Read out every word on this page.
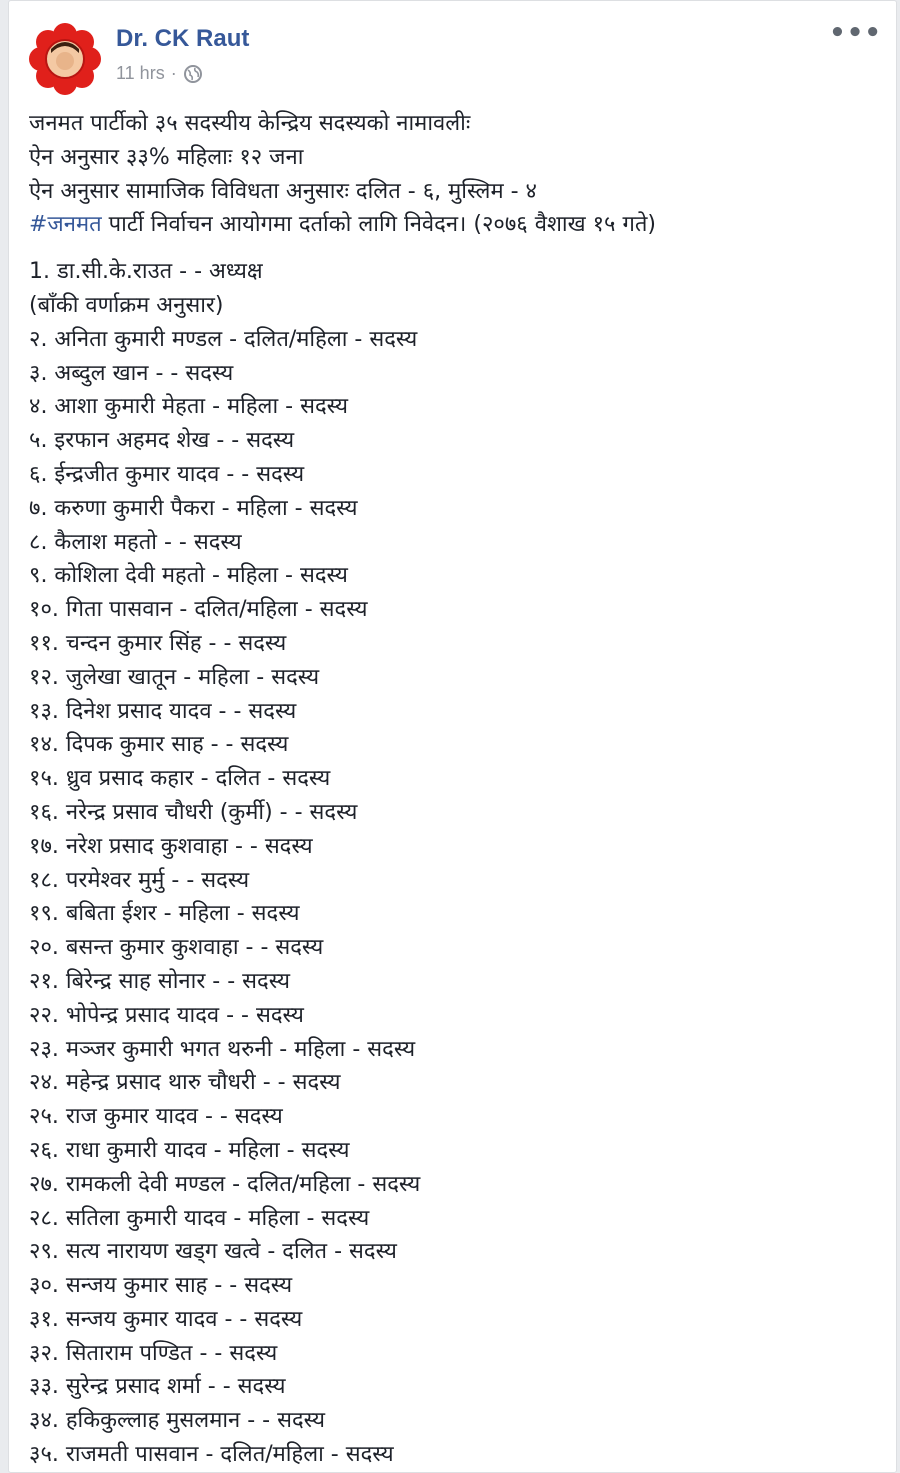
Dr. CK Raut
11 hrs ·
•••
जनमत पार्टीको ३५ सदस्यीय केन्द्रिय सदस्यको नामावलीः
ऐन अनुसार ३३% महिलाः १२ जना
ऐन अनुसार सामाजिक विविधता अनुसारः दलित - ६, मुस्लिम - ४
#जनमत पार्टी निर्वाचन आयोगमा दर्ताको लागि निवेदन। (२०७६ वैशाख १५ गते)
1. डा.सी.के.राउत - - अध्यक्ष
(बाँकी वर्णाक्रम अनुसार)
२. अनिता कुमारी मण्डल - दलित/महिला - सदस्य
३. अब्दुल खान - - सदस्य
४. आशा कुमारी मेहता - महिला - सदस्य
५. इरफान अहमद शेख - - सदस्य
६. ईन्द्रजीत कुमार यादव - - सदस्य
७. करुणा कुमारी पैकरा - महिला - सदस्य
८. कैलाश महतो - - सदस्य
९. कोशिला देवी महतो - महिला - सदस्य
१०. गिता पासवान - दलित/महिला - सदस्य
११. चन्दन कुमार सिंह - - सदस्य
१२. जुलेखा खातून - महिला - सदस्य
१३. दिनेश प्रसाद यादव - - सदस्य
१४. दिपक कुमार साह - - सदस्य
१५. ध्रुव प्रसाद कहार - दलित - सदस्य
१६. नरेन्द्र प्रसाव चौधरी (कुर्मी) - - सदस्य
१७. नरेश प्रसाद कुशवाहा - - सदस्य
१८. परमेश्वर मुर्मु - - सदस्य
१९. बबिता ईशर - महिला - सदस्य
२०. बसन्त कुमार कुशवाहा - - सदस्य
२१. बिरेन्द्र साह सोनार - - सदस्य
२२. भोपेन्द्र प्रसाद यादव - - सदस्य
२३. मञ्जर कुमारी भगत थरुनी - महिला - सदस्य
२४. महेन्द्र प्रसाद थारु चौधरी - - सदस्य
२५. राज कुमार यादव - - सदस्य
२६. राधा कुमारी यादव - महिला - सदस्य
२७. रामकली देवी मण्डल - दलित/महिला - सदस्य
२८. सतिला कुमारी यादव - महिला - सदस्य
२९. सत्य नारायण खड्ग खत्वे - दलित - सदस्य
३०. सन्जय कुमार साह - - सदस्य
३१. सन्जय कुमार यादव - - सदस्य
३२. सिताराम पण्डित - - सदस्य
३३. सुरेन्द्र प्रसाद शर्मा - - सदस्य
३४. हकिकुल्लाह मुसलमान - - सदस्य
३५. राजमती पासवान - दलित/महिला - सदस्य
